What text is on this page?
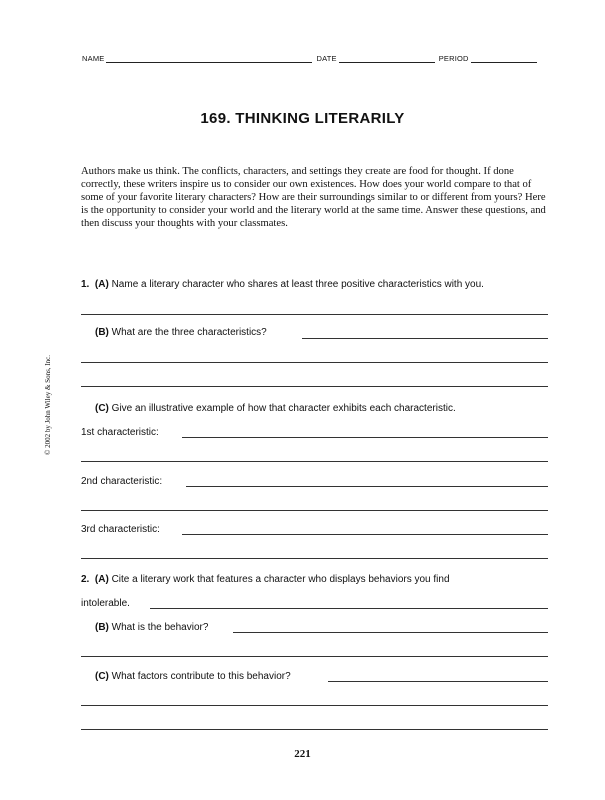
NAME	DATE	PERIOD
169. THINKING LITERARILY
Authors make us think. The conflicts, characters, and settings they create are food for thought. If done correctly, these writers inspire us to consider our own existences. How does your world compare to that of some of your favorite literary characters? How are their surroundings similar to or different from yours? Here is the opportunity to consider your world and the literary world at the same time. Answer these questions, and then discuss your thoughts with your classmates.
1. (A) Name a literary character who shares at least three positive characteristics with you.
(B) What are the three characteristics?
(C) Give an illustrative example of how that character exhibits each characteristic.
1st characteristic:
2nd characteristic:
3rd characteristic:
2. (A) Cite a literary work that features a character who displays behaviors you find
intolerable.
(B) What is the behavior?
(C) What factors contribute to this behavior?
© 2002 by John Wiley & Sons, Inc.
221
